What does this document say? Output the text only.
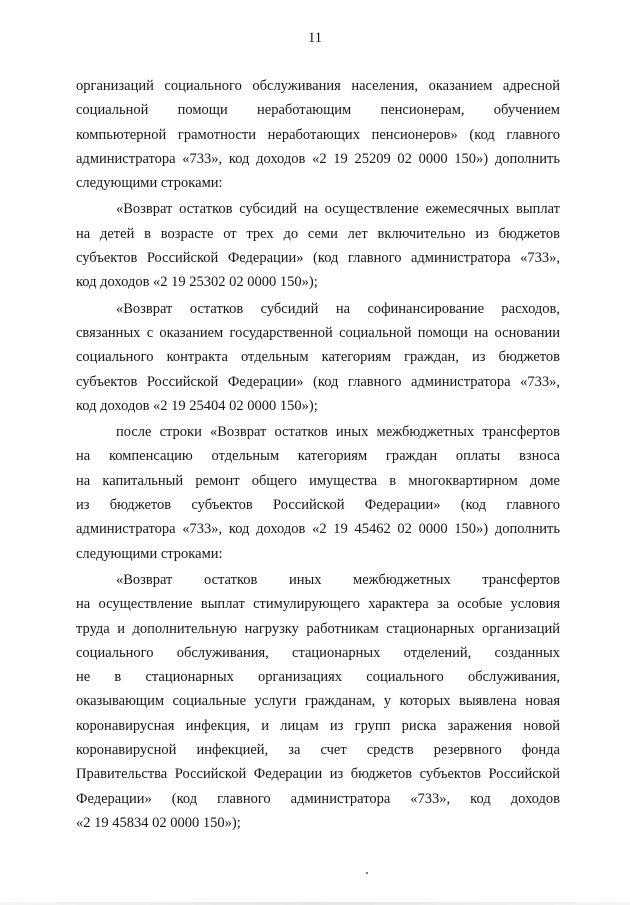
11
организаций социального обслуживания населения, оказанием адресной
социальной помощи неработающим пенсионерам, обучением
компьютерной грамотности неработающих пенсионеров» (код главного
администратора «733», код доходов «2 19 25209 02 0000 150») дополнить
следующими строками:
«Возврат остатков субсидий на осуществление ежемесячных выплат
на детей в возрасте от трех до семи лет включительно из бюджетов
субъектов Российской Федерации» (код главного администратора «733»,
код доходов «2 19 25302 02 0000 150»);
«Возврат остатков субсидий на софинансирование расходов,
связанных с оказанием государственной социальной помощи на основании
социального контракта отдельным категориям граждан, из бюджетов
субъектов Российской Федерации» (код главного администратора «733»,
код доходов «2 19 25404 02 0000 150»);
после строки «Возврат остатков иных межбюджетных трансфертов
на компенсацию отдельным категориям граждан оплаты взноса
на капитальный ремонт общего имущества в многоквартирном доме
из бюджетов субъектов Российской Федерации» (код главного
администратора «733», код доходов «2 19 45462 02 0000 150») дополнить
следующими строками:
«Возврат остатков иных межбюджетных трансфертов
на осуществление выплат стимулирующего характера за особые условия
труда и дополнительную нагрузку работникам стационарных организаций
социального обслуживания, стационарных отделений, созданных
не в стационарных организациях социального обслуживания,
оказывающим социальные услуги гражданам, у которых выявлена новая
коронавирусная инфекция, и лицам из групп риска заражения новой
коронавирусной инфекцией, за счет средств резервного фонда
Правительства Российской Федерации из бюджетов субъектов Российской
Федерации» (код главного администратора «733», код доходов
«2 19 45834 02 0000 150»);
